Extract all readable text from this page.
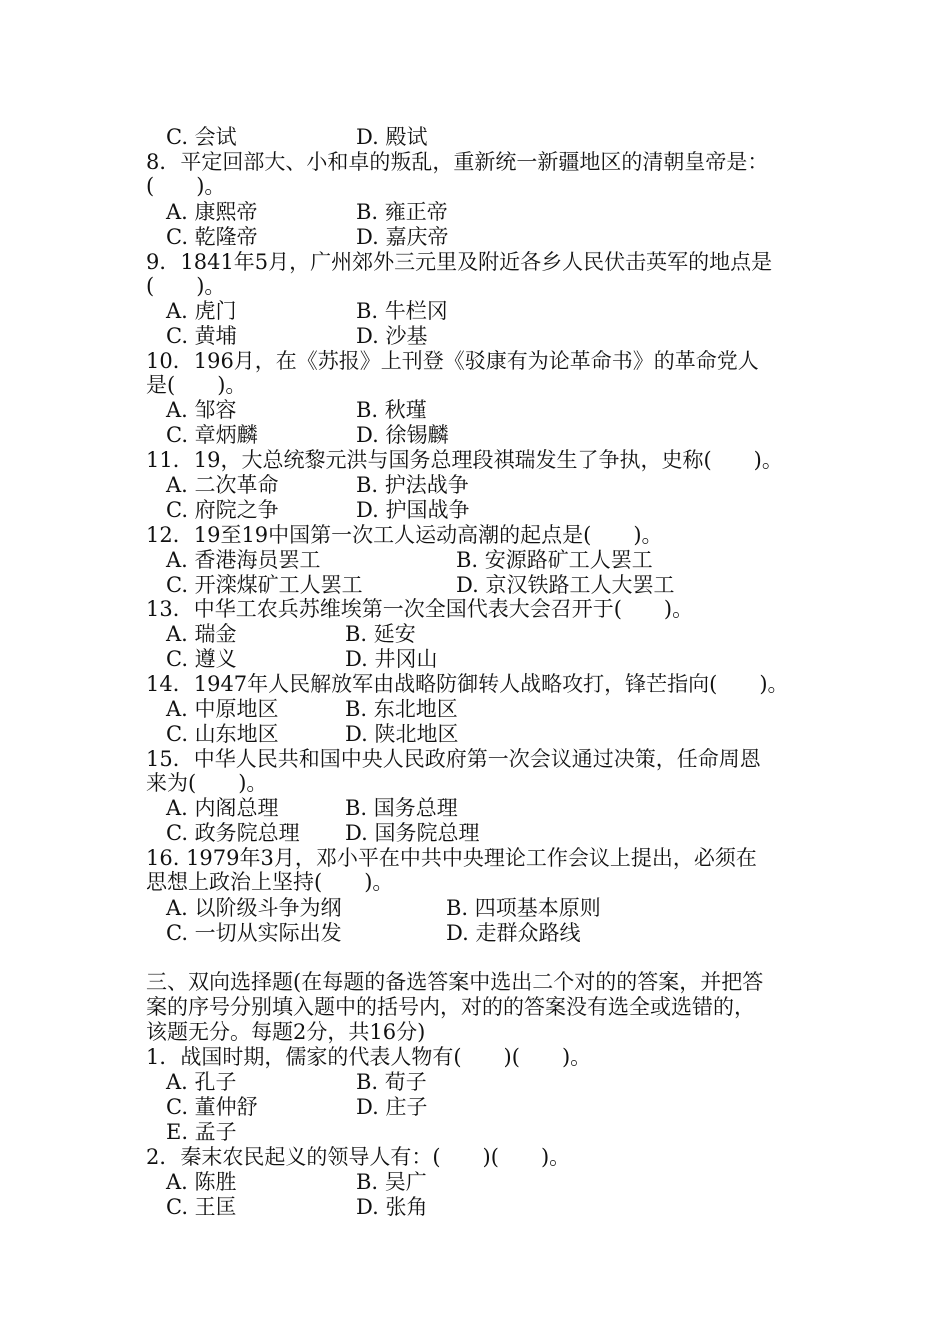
C. 会试	D. 殿试
8．平定回部大、小和卓的叛乱，重新统一新疆地区的清朝皇帝是：
(　　)。
A. 康熙帝	B. 雍正帝
C. 乾隆帝	D. 嘉庆帝
9．1841年5月，广州郊外三元里及附近各乡人民伏击英军的地点是
(　　)。
A. 虎门	B. 牛栏冈
C. 黄埔	D. 沙基
10．196月，在《苏报》上刊登《驳康有为论革命书》的革命党人
是(　　)。
A. 邹容	B. 秋瑾
C. 章炳麟	D. 徐锡麟
11．19，大总统黎元洪与国务总理段祺瑞发生了争执，史称(　　)。
A. 二次革命	B. 护法战争
C. 府院之争	D. 护国战争
12．19至19中国第一次工人运动高潮的起点是(　　)。
A. 香港海员罢工	B. 安源路矿工人罢工
C. 开滦煤矿工人罢工	D. 京汉铁路工人大罢工
13．中华工农兵苏维埃第一次全国代表大会召开于(　　)。
A. 瑞金	B. 延安
C. 遵义	D. 井冈山
14．1947年人民解放军由战略防御转人战略攻打，锋芒指向(　　)。
A. 中原地区	B. 东北地区
C. 山东地区	D. 陕北地区
15．中华人民共和国中央人民政府第一次会议通过决策，任命周恩
来为(　　)。
A. 内阁总理	B. 国务总理
C. 政务院总理 D. 国务院总理
16. 1979年3月，邓小平在中共中央理论工作会议上提出，必须在
思想上政治上坚持(　　)。
A. 以阶级斗争为纲	B. 四项基本原则
C. 一切从实际出发	D. 走群众路线
三、双向选择题(在每题的备选答案中选出二个对的的答案，并把答
案的序号分别填入题中的括号内，对的的答案没有选全或选错的，
该题无分。每题2分，共16分)
1．战国时期，儒家的代表人物有(　　)(　　)。
A. 孔子	B. 荀子
C. 董仲舒	D. 庄子
E. 孟子
2．秦末农民起义的领导人有：(　　)(　　)。
A. 陈胜	B. 吴广
C. 王匡	D. 张角
